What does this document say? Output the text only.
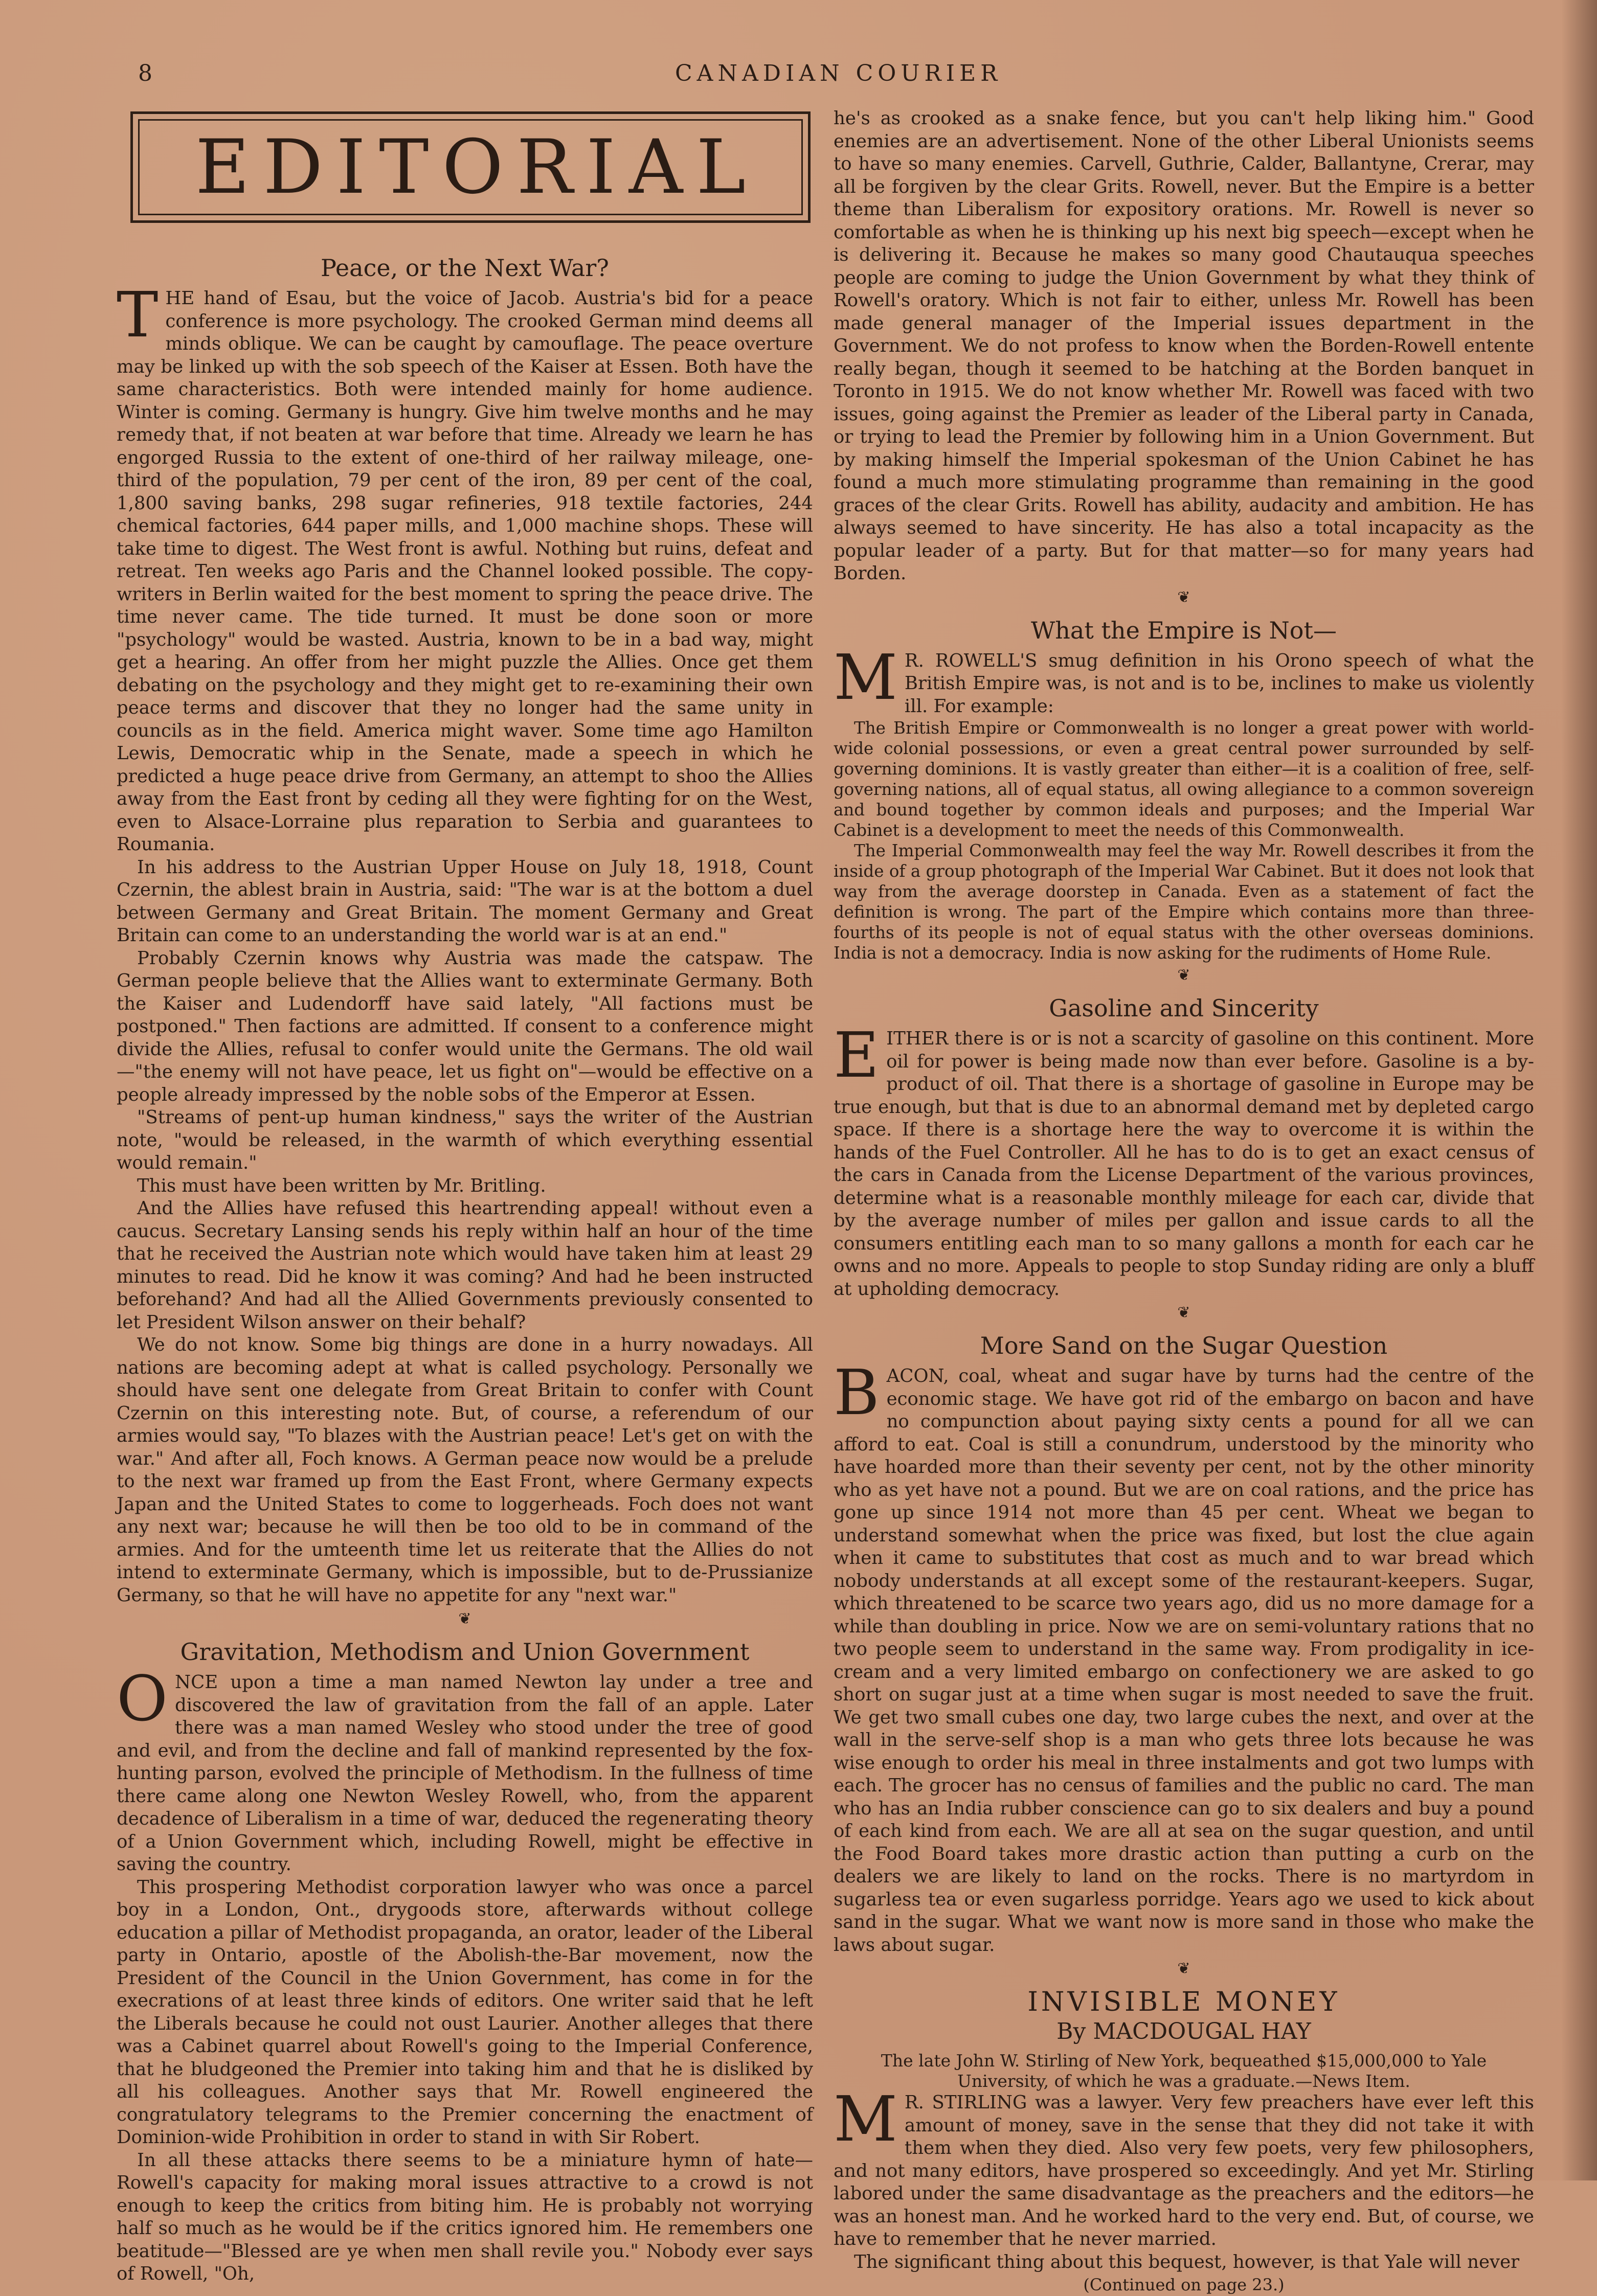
8	CANADIAN COURIER
EDITORIAL
Peace, or the Next War?

THE hand of Esau, but the voice of Jacob. Austria's bid for a peace conference is more psychology. The crooked German mind deems all minds oblique. We can be caught by camouflage. The peace overture may be linked up with the sob speech of the Kaiser at Essen. Both have the same characteristics. Both were intended mainly for home audience. Winter is coming. Germany is hungry. Give him twelve months and he may remedy that, if not beaten at war before that time. Already we learn he has engorged Russia to the extent of one-third of her railway mileage, one-third of the population, 79 per cent of the iron, 89 per cent of the coal, 1,800 saving banks, 298 sugar refineries, 918 textile factories, 244 chemical factories, 644 paper mills, and 1,000 machine shops. These will take time to digest. The West front is awful. Nothing but ruins, defeat and retreat. Ten weeks ago Paris and the Channel looked possible. The copy-writers in Berlin waited for the best moment to spring the peace drive. The time never came. The tide turned. It must be done soon or more "psychology" would be wasted. Austria, known to be in a bad way, might get a hearing. An offer from her might puzzle the Allies. Once get them debating on the psychology and they might get to re-examining their own peace terms and discover that they no longer had the same unity in councils as in the field. America might waver. Some time ago Hamilton Lewis, Democratic whip in the Senate, made a speech in which he predicted a huge peace drive from Germany, an attempt to shoo the Allies away from the East front by ceding all they were fighting for on the West, even to Alsace-Lorraine plus reparation to Serbia and guarantees to Roumania.

In his address to the Austrian Upper House on July 18, 1918, Count Czernin, the ablest brain in Austria, said: "The war is at the bottom a duel between Germany and Great Britain. The moment Germany and Great Britain can come to an understanding the world war is at an end."

Probably Czernin knows why Austria was made the catspaw. The German people believe that the Allies want to exterminate Germany. Both the Kaiser and Ludendorff have said lately, "All factions must be postponed." Then factions are admitted. If consent to a conference might divide the Allies, refusal to confer would unite the Germans. The old wail—"the enemy will not have peace, let us fight on"—would be effective on a people already impressed by the noble sobs of the Emperor at Essen.

"Streams of pent-up human kindness," says the writer of the Austrian note, "would be released, in the warmth of which everything essential would remain."

This must have been written by Mr. Britling.

And the Allies have refused this heartrending appeal! without even a caucus. Secretary Lansing sends his reply within half an hour of the time that he received the Austrian note which would have taken him at least 29 minutes to read. Did he know it was coming? And had he been instructed beforehand? And had all the Allied Governments previously consented to let President Wilson answer on their behalf?

We do not know. Some big things are done in a hurry nowadays. All nations are becoming adept at what is called psychology. Personally we should have sent one delegate from Great Britain to confer with Count Czernin on this interesting note. But, of course, a referendum of our armies would say, "To blazes with the Austrian peace! Let's get on with the war." And after all, Foch knows. A German peace now would be a prelude to the next war framed up from the East Front, where Germany expects Japan and the United States to come to loggerheads. Foch does not want any next war; because he will then be too old to be in command of the armies. And for the umteenth time let us reiterate that the Allies do not intend to exterminate Germany, which is impossible, but to de-Prussianize Germany, so that he will have no appetite for any "next war."

❦
Gravitation, Methodism and Union Government

ONCE upon a time a man named Newton lay under a tree and discovered the law of gravitation from the fall of an apple. Later there was a man named Wesley who stood under the tree of good and evil, and from the decline and fall of mankind represented by the fox-hunting parson, evolved the principle of Methodism. In the fullness of time there came along one Newton Wesley Rowell, who, from the apparent decadence of Liberalism in a time of war, deduced the regenerating theory of a Union Government which, including Rowell, might be effective in saving the country.

This prospering Methodist corporation lawyer who was once a parcel boy in a London, Ont., drygoods store, afterwards without college education a pillar of Methodist propaganda, an orator, leader of the Liberal party in Ontario, apostle of the Abolish-the-Bar movement, now the President of the Council in the Union Government, has come in for the execrations of at least three kinds of editors. One writer said that he left the Liberals because he could not oust Laurier. Another alleges that there was a Cabinet quarrel about Rowell's going to the Imperial Conference, that he bludgeoned the Premier into taking him and that he is disliked by all his colleagues. Another says that Mr. Rowell engineered the congratulatory telegrams to the Premier concerning the enactment of Dominion-wide Prohibition in order to stand in with Sir Robert.

In all these attacks there seems to be a miniature hymn of hate—Rowell's capacity for making moral issues attractive to a crowd is not enough to keep the critics from biting him. He is probably not worrying half so much as he would be if the critics ignored him. He remembers one beatitude—"Blessed are ye when men shall revile you." Nobody ever says of Rowell, "Oh,

he's as crooked as a snake fence, but you can't help liking him." Good enemies are an advertisement. None of the other Liberal Unionists seems to have so many enemies. Carvell, Guthrie, Calder, Ballantyne, Crerar, may all be forgiven by the clear Grits. Rowell, never. But the Empire is a better theme than Liberalism for expository orations. Mr. Rowell is never so comfortable as when he is thinking up his next big speech—except when he is delivering it. Because he makes so many good Chautauqua speeches people are coming to judge the Union Government by what they think of Rowell's oratory. Which is not fair to either, unless Mr. Rowell has been made general manager of the Imperial issues department in the Government. We do not profess to know when the Borden-Rowell entente really began, though it seemed to be hatching at the Borden banquet in Toronto in 1915. We do not know whether Mr. Rowell was faced with two issues, going against the Premier as leader of the Liberal party in Canada, or trying to lead the Premier by following him in a Union Government. But by making himself the Imperial spokesman of the Union Cabinet he has found a much more stimulating programme than remaining in the good graces of the clear Grits. Rowell has ability, audacity and ambition. He has always seemed to have sincerity. He has also a total incapacity as the popular leader of a party. But for that matter—so for many years had Borden.

❦
What the Empire is Not—

MR. ROWELL'S smug definition in his Orono speech of what the British Empire was, is not and is to be, inclines to make us violently ill. For example:

The British Empire or Commonwealth is no longer a great power with world-wide colonial possessions, or even a great central power surrounded by self-governing dominions. It is vastly greater than either—it is a coalition of free, self-governing nations, all of equal status, all owing allegiance to a common sovereign and bound together by common ideals and purposes; and the Imperial War Cabinet is a development to meet the needs of this Commonwealth.

The Imperial Commonwealth may feel the way Mr. Rowell describes it from the inside of a group photograph of the Imperial War Cabinet. But it does not look that way from the average doorstep in Canada. Even as a statement of fact the definition is wrong. The part of the Empire which contains more than three-fourths of its people is not of equal status with the other overseas dominions. India is not a democracy. India is now asking for the rudiments of Home Rule.

❦
Gasoline and Sincerity

EITHER there is or is not a scarcity of gasoline on this continent. More oil for power is being made now than ever before. Gasoline is a by-product of oil. That there is a shortage of gasoline in Europe may be true enough, but that is due to an abnormal demand met by depleted cargo space. If there is a shortage here the way to overcome it is within the hands of the Fuel Controller. All he has to do is to get an exact census of the cars in Canada from the License Department of the various provinces, determine what is a reasonable monthly mileage for each car, divide that by the average number of miles per gallon and issue cards to all the consumers entitling each man to so many gallons a month for each car he owns and no more. Appeals to people to stop Sunday riding are only a bluff at upholding democracy.

❦
More Sand on the Sugar Question

BACON, coal, wheat and sugar have by turns had the centre of the economic stage. We have got rid of the embargo on bacon and have no compunction about paying sixty cents a pound for all we can afford to eat. Coal is still a conundrum, understood by the minority who have hoarded more than their seventy per cent, not by the other minority who as yet have not a pound. But we are on coal rations, and the price has gone up since 1914 not more than 45 per cent. Wheat we began to understand somewhat when the price was fixed, but lost the clue again when it came to substitutes that cost as much and to war bread which nobody understands at all except some of the restaurant-keepers. Sugar, which threatened to be scarce two years ago, did us no more damage for a while than doubling in price. Now we are on semi-voluntary rations that no two people seem to understand in the same way. From prodigality in ice-cream and a very limited embargo on confectionery we are asked to go short on sugar just at a time when sugar is most needed to save the fruit. We get two small cubes one day, two large cubes the next, and over at the wall in the serve-self shop is a man who gets three lots because he was wise enough to order his meal in three instalments and got two lumps with each. The grocer has no census of families and the public no card. The man who has an India rubber conscience can go to six dealers and buy a pound of each kind from each. We are all at sea on the sugar question, and until the Food Board takes more drastic action than putting a curb on the dealers we are likely to land on the rocks. There is no martyrdom in sugarless tea or even sugarless porridge. Years ago we used to kick about sand in the sugar. What we want now is more sand in those who make the laws about sugar.

❦
INVISIBLE MONEY
By MACDOUGAL HAY

The late John W. Stirling of New York, bequeathed $15,000,000 to Yale University, of which he was a graduate.—News Item.

MR. STIRLING was a lawyer. Very few preachers have ever left this amount of money, save in the sense that they did not take it with them when they died. Also very few poets, very few philosophers, and not many editors, have prospered so exceedingly. And yet Mr. Stirling labored under the same disadvantage as the preachers and the editors—he was an honest man. And he worked hard to the very end. But, of course, we have to remember that he never married.

The significant thing about this bequest, however, is that Yale will never

(Continued on page 23.)
